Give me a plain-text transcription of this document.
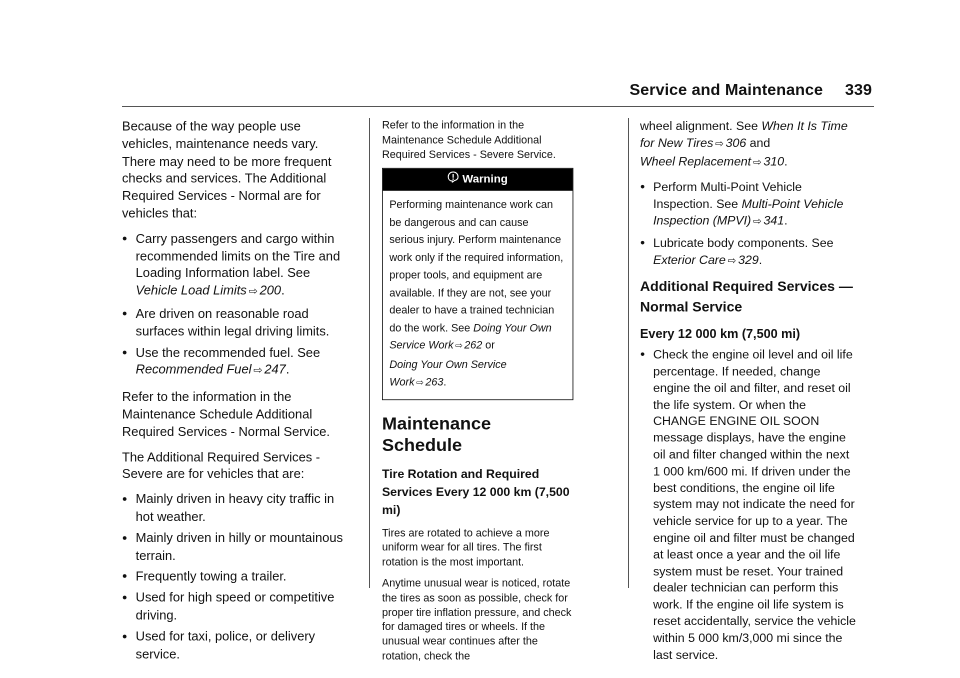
Service and Maintenance 339

Because of the way people use vehicles, maintenance needs vary. There may need to be more frequent checks and services. The Additional Required Services - Normal are for vehicles that:

● Carry passengers and cargo within recommended limits on the Tire and Loading Information label. See Vehicle Load Limits ⇨ 200.
● Are driven on reasonable road surfaces within legal driving limits.
● Use the recommended fuel. See Recommended Fuel ⇨ 247.

Refer to the information in the Maintenance Schedule Additional Required Services - Normal Service.

The Additional Required Services - Severe are for vehicles that are:

● Mainly driven in heavy city traffic in hot weather.
● Mainly driven in hilly or mountainous terrain.
● Frequently towing a trailer.
● Used for high speed or competitive driving.
● Used for taxi, police, or delivery service.

Refer to the information in the Maintenance Schedule Additional Required Services - Severe Service.

Warning
Performing maintenance work can be dangerous and can cause serious injury. Perform maintenance work only if the required information, proper tools, and equipment are available. If they are not, see your dealer to have a trained technician do the work. See Doing Your Own Service Work ⇨ 262 or
Doing Your Own Service Work ⇨ 263.
Maintenance Schedule
Tire Rotation and Required Services Every 12 000 km (7,500 mi)

Tires are rotated to achieve a more uniform wear for all tires. The first rotation is the most important.

Anytime unusual wear is noticed, rotate the tires as soon as possible, check for proper tire inflation pressure, and check for damaged tires or wheels. If the unusual wear continues after the rotation, check the

wheel alignment. See When It Is Time for New Tires ⇨ 306 and
Wheel Replacement ⇨ 310.

● Perform Multi-Point Vehicle Inspection. See Multi-Point Vehicle Inspection (MPVI) ⇨ 341.
● Lubricate body components. See Exterior Care ⇨ 329.
Additional Required Services — Normal Service
Every 12 000 km (7,500 mi)
● Check the engine oil level and oil life percentage. If needed, change engine the oil and filter, and reset oil the life system. Or when the CHANGE ENGINE OIL SOON message displays, have the engine oil and filter changed within the next 1 000 km/600 mi. If driven under the best conditions, the engine oil life system may not indicate the need for vehicle service for up to a year. The engine oil and filter must be changed at least once a year and the oil life system must be reset. Your trained dealer technician can perform this work. If the engine oil life system is reset accidentally, service the vehicle within 5 000 km/3,000 mi since the last service.
